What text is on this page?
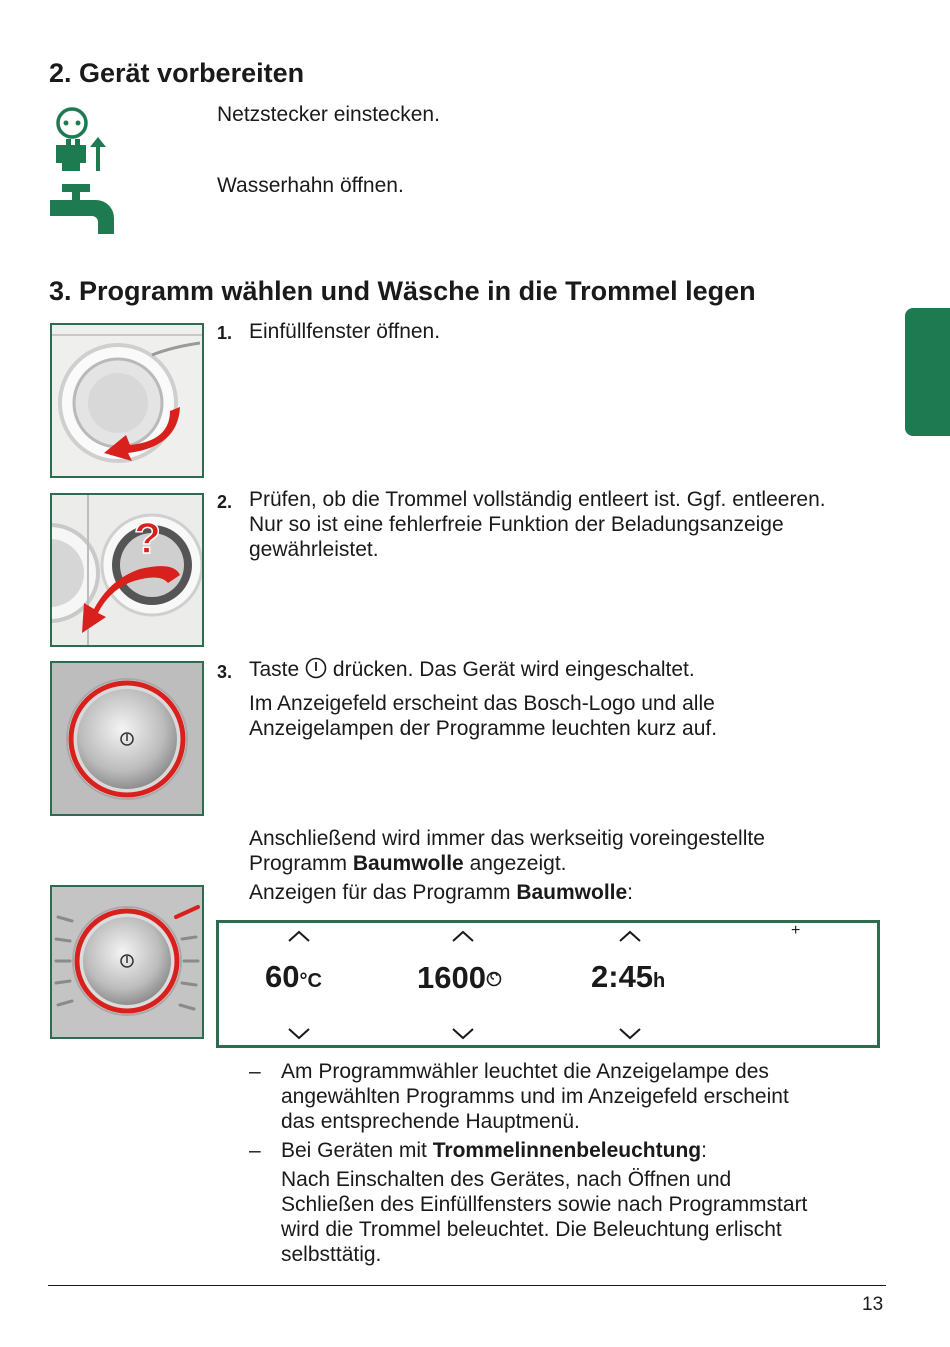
2. Gerät vorbereiten
Netzstecker einstecken.
Wasserhahn öffnen.
3. Programm wählen und Wäsche in die Trommel legen
1. Einfüllfenster öffnen.
?
2. Prüfen, ob die Trommel vollständig entleert ist. Ggf. entleeren.
Nur so ist eine fehlerfreie Funktion der Beladungsanzeige
gewährleistet.
3. Taste drücken. Das Gerät wird eingeschaltet.
Im Anzeigefeld erscheint das Bosch-Logo und alle
Anzeigelampen der Programme leuchten kurz auf.
Anschließend wird immer das werkseitig voreingestellte
Programm Baumwolle angezeigt.
Anzeigen für das Programm Baumwolle:
+
60°C	1600	2:45h
– Am Programmwähler leuchtet die Anzeigelampe des
angewählten Programms und im Anzeigefeld erscheint
das entsprechende Hauptmenü.
– Bei Geräten mit Trommelinnenbeleuchtung:
Nach Einschalten des Gerätes, nach Öffnen und
Schließen des Einfüllfensters sowie nach Programmstart
wird die Trommel beleuchtet. Die Beleuchtung erlischt
selbsttätig.
13
